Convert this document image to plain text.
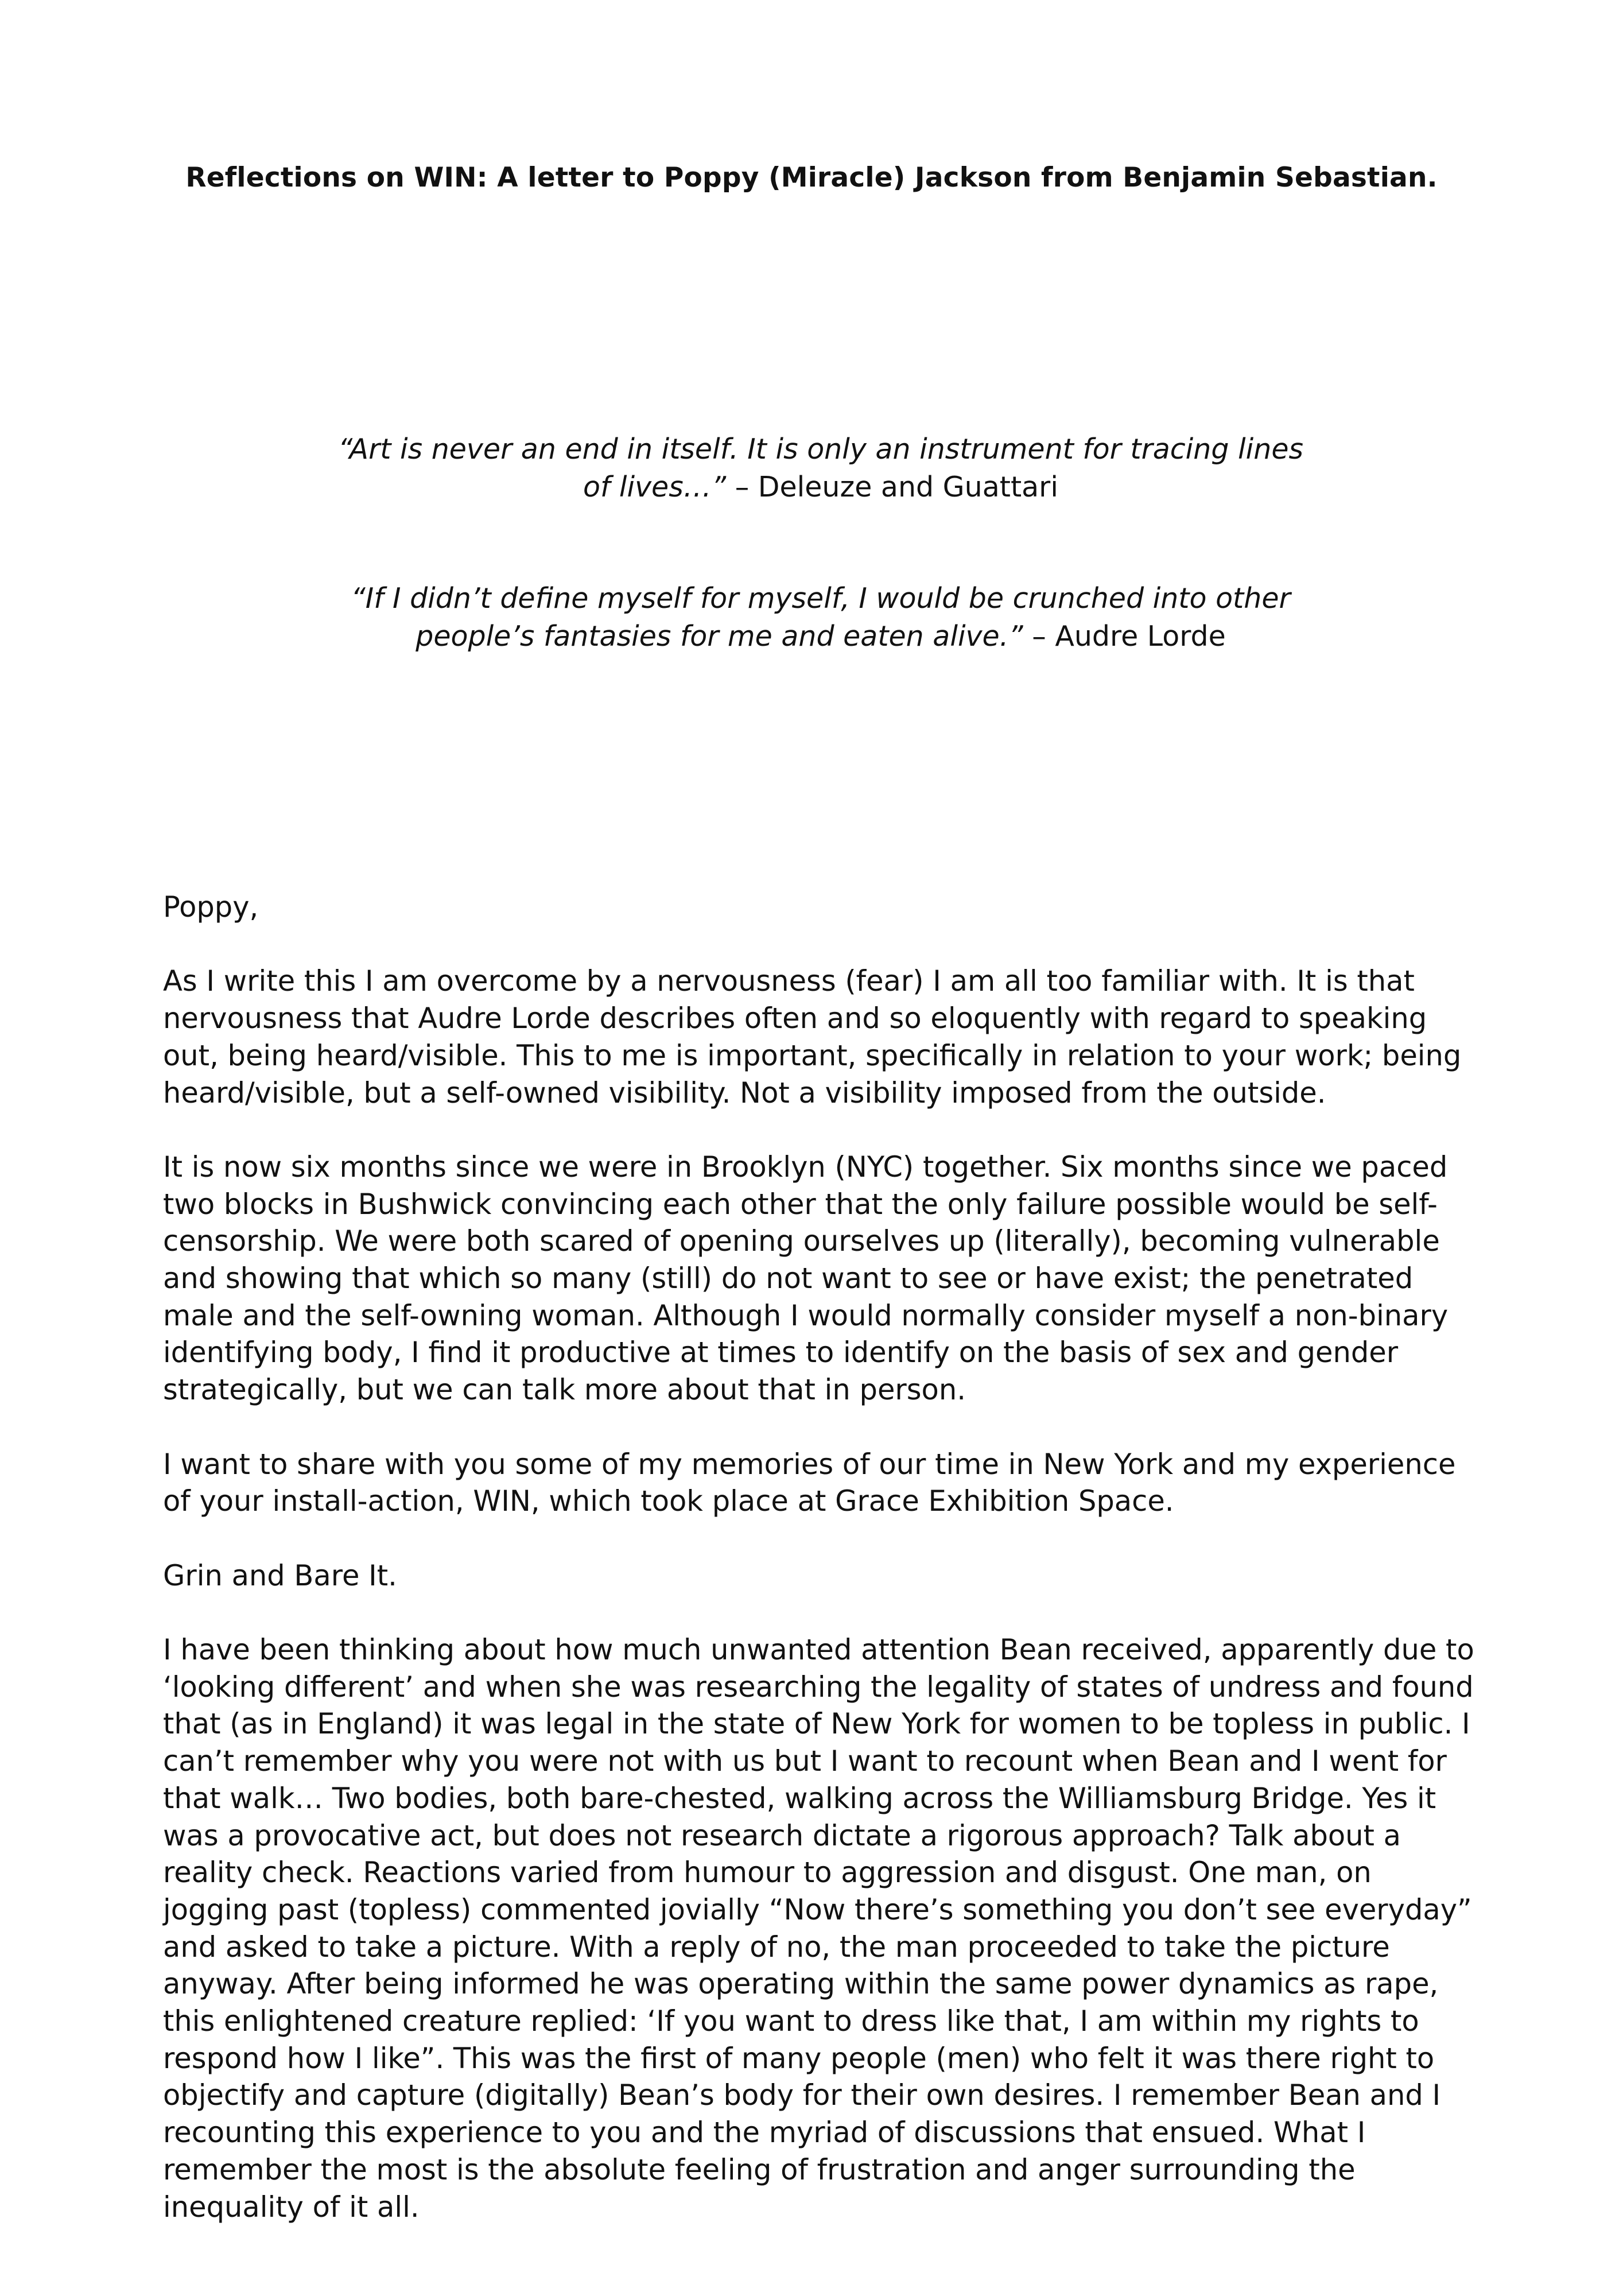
Reflections on WIN: A letter to Poppy (Miracle) Jackson from Benjamin Sebastian.

“Art is never an end in itself. It is only an instrument for tracing lines of lives…” – Deleuze and Guattari

“If I didn’t define myself for myself, I would be crunched into other people’s fantasies for me and eaten alive.” – Audre Lorde

Poppy,

As I write this I am overcome by a nervousness (fear) I am all too familiar with. It is that nervousness that Audre Lorde describes often and so eloquently with regard to speaking out, being heard/visible. This to me is important, specifically in relation to your work; being heard/visible, but a self-owned visibility. Not a visibility imposed from the outside.

It is now six months since we were in Brooklyn (NYC) together. Six months since we paced two blocks in Bushwick convincing each other that the only failure possible would be self-censorship. We were both scared of opening ourselves up (literally), becoming vulnerable and showing that which so many (still) do not want to see or have exist; the penetrated male and the self-owning woman. Although I would normally consider myself a non-binary identifying body, I find it productive at times to identify on the basis of sex and gender strategically, but we can talk more about that in person.

I want to share with you some of my memories of our time in New York and my experience of your install-action, WIN, which took place at Grace Exhibition Space.

Grin and Bare It.

I have been thinking about how much unwanted attention Bean received, apparently due to ‘looking different’ and when she was researching the legality of states of undress and found that (as in England) it was legal in the state of New York for women to be topless in public. I can’t remember why you were not with us but I want to recount when Bean and I went for that walk… Two bodies, both bare-chested, walking across the Williamsburg Bridge. Yes it was a provocative act, but does not research dictate a rigorous approach? Talk about a reality check. Reactions varied from humour to aggression and disgust. One man, on jogging past (topless) commented jovially “Now there’s something you don’t see everyday” and asked to take a picture. With a reply of no, the man proceeded to take the picture anyway. After being informed he was operating within the same power dynamics as rape, this enlightened creature replied: ‘If you want to dress like that, I am within my rights to respond how I like”. This was the first of many people (men) who felt it was there right to objectify and capture (digitally) Bean’s body for their own desires. I remember Bean and I recounting this experience to you and the myriad of discussions that ensued. What I remember the most is the absolute feeling of frustration and anger surrounding the inequality of it all.
